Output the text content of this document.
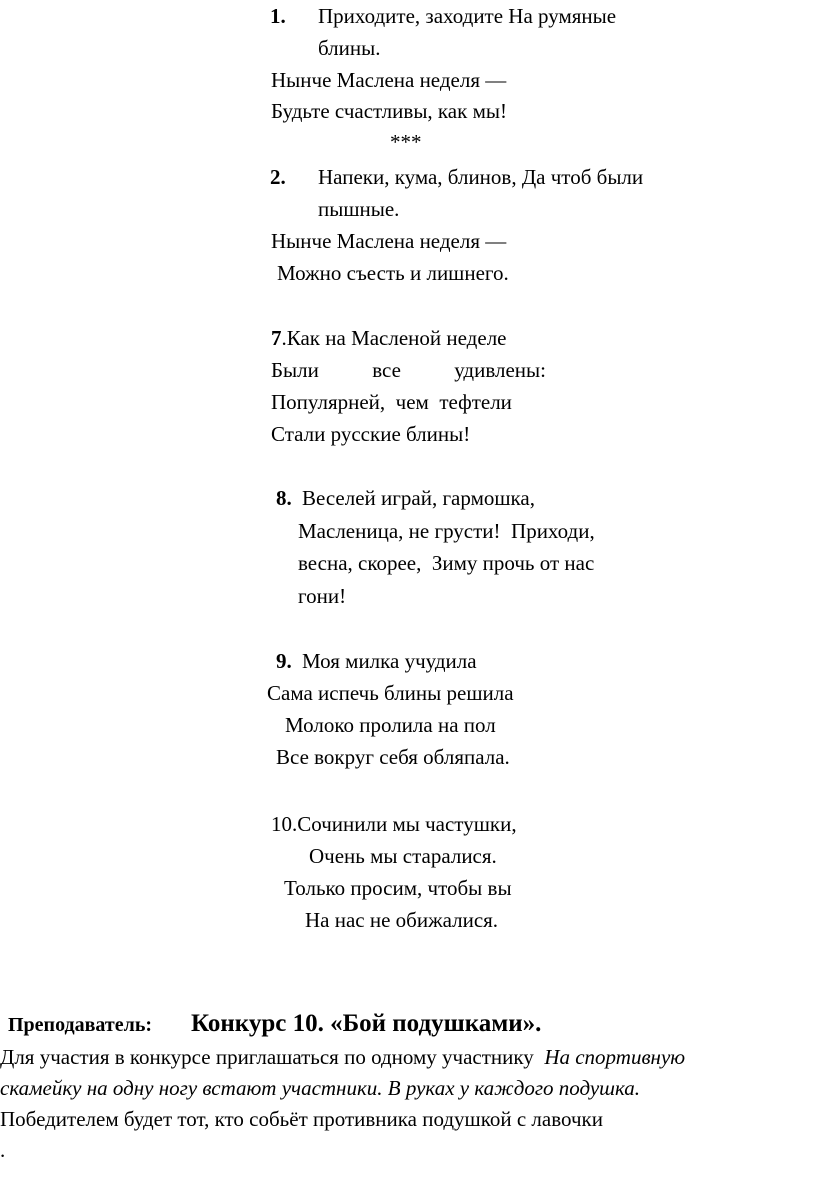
1. Приходите, заходите На румяные
блины.
Нынче Маслена неделя —
Будьте счастливы, как мы!
***
2. Напеки, кума, блинов, Да чтоб были
пышные.
Нынче Маслена неделя —
Можно съесть и лишнего.
7.Как на Масленой неделе
Были	все	удивлены:
Популярней,  чем  тефтели
Стали русские блины!
8. Веселей играй, гармошка,
Масленица, не грусти!  Приходи,
весна, скорее,  Зиму прочь от нас
гони!
9. Моя милка учудила
Сама испечь блины решила
Молоко пролила на пол
Все вокруг себя обляпала.
10.Сочинили мы частушки,
Очень мы старалися.
Только просим, чтобы вы
На нас не обижалися.
Преподаватель: Конкурс 10. «Бой подушками».
Для участия в конкурсе приглашаться по одному участнику На спортивную
скамейку на одну ногу встают участники. В руках у каждого подушка.
Победителем будет тот, кто собьёт противника подушкой с лавочки
.
